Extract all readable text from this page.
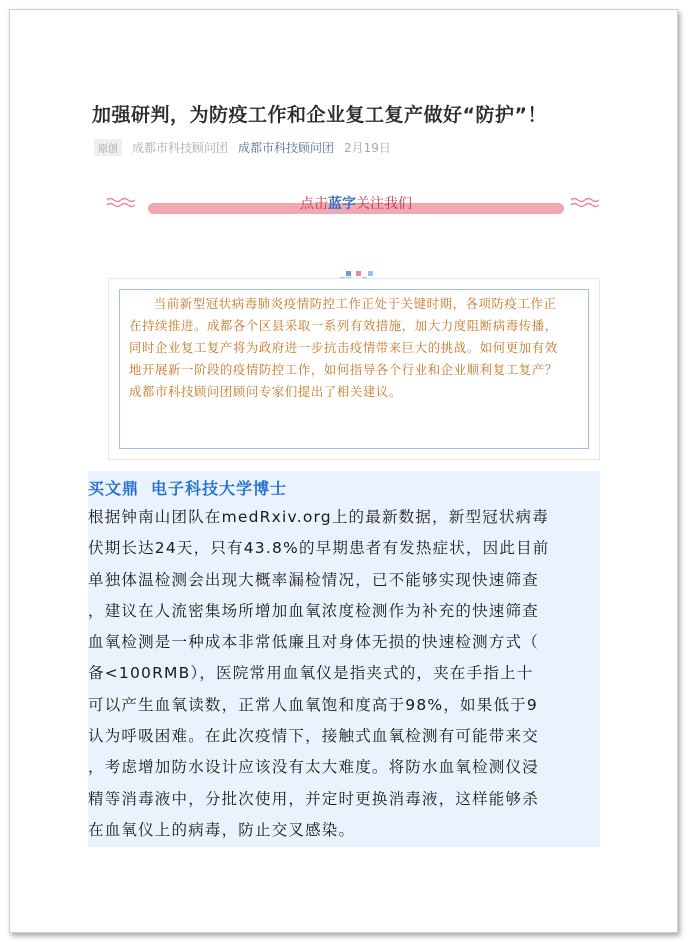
加强研判，为防疫工作和企业复工复产做好“防护”！
原创	成都市科技顾问团 成都市科技顾问团 2月19日
点击蓝字关注我们

当前新型冠状病毒肺炎疫情防控工作正处于关键时期，各项防疫工作正在持续推进。成都各个区县采取一系列有效措施，加大力度阻断病毒传播，同时企业复工复产将为政府进一步抗击疫情带来巨大的挑战。如何更加有效地开展新一阶段的疫情防控工作，如何指导各个行业和企业顺利复工复产？成都市科技顾问团顾问专家们提出了相关建议。

买文鼎 电子科技大学博士
根据钟南山团队在medRxiv.org上的最新数据，新型冠状病毒
伏期长达24天，只有43.8%的早期患者有发热症状，因此目前
单独体温检测会出现大概率漏检情况，已不能够实现快速筛查
，建议在人流密集场所增加血氧浓度检测作为补充的快速筛查
血氧检测是一种成本非常低廉且对身体无损的快速检测方式（
备<100RMB），医院常用血氧仪是指夹式的，夹在手指上十
可以产生血氧读数，正常人血氧饱和度高于98%，如果低于9
认为呼吸困难。在此次疫情下，接触式血氧检测有可能带来交
，考虑增加防水设计应该没有太大难度。将防水血氧检测仪浸
精等消毒液中，分批次使用，并定时更换消毒液，这样能够杀
在血氧仪上的病毒，防止交叉感染。
